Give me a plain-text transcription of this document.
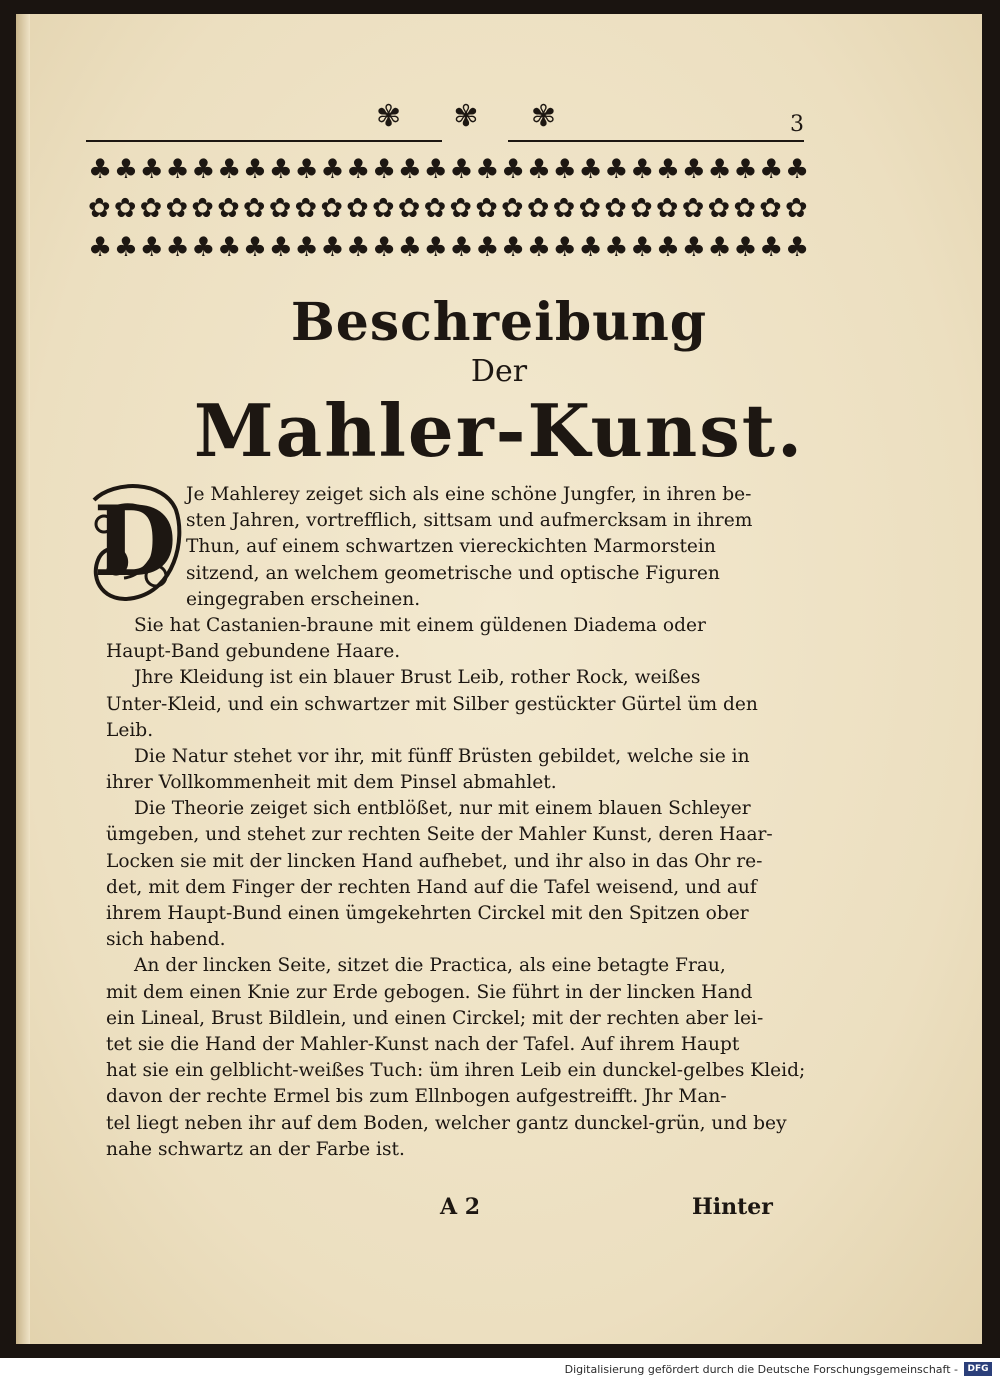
✾ ✾ ✾	3
♣ ♣ ♣ ♣ ♣ ♣ ♣ ♣ ♣ ♣ ♣ ♣ ♣ ♣ ♣ ♣ ♣ ♣ ♣ ♣ ♣ ♣ ♣ ♣ ♣ ♣ ♣ ♣
✿ ✿ ✿ ✿ ✿ ✿ ✿ ✿ ✿ ✿ ✿ ✿ ✿ ✿ ✿ ✿ ✿ ✿ ✿ ✿ ✿ ✿ ✿ ✿ ✿ ✿ ✿ ✿
♣ ♣ ♣ ♣ ♣ ♣ ♣ ♣ ♣ ♣ ♣ ♣ ♣ ♣ ♣ ♣ ♣ ♣ ♣ ♣ ♣ ♣ ♣ ♣ ♣ ♣ ♣ ♣
Beschreibung
Der
Mahler-Kunst.
D Je Mahlerey zeiget sich als eine schöne Jungfer, in ihren be-
sten Jahren, vortrefflich, sittsam und aufmercksam in ihrem
Thun, auf einem schwartzen viereckichten Marmorstein
sitzend, an welchem geometrische und optische Figuren
eingegraben erscheinen.
Sie hat Castanien-braune mit einem güldenen Diadema oder
Haupt-Band gebundene Haare.
Jhre Kleidung ist ein blauer Brust Leib, rother Rock, weißes
Unter-Kleid, und ein schwartzer mit Silber gestückter Gürtel üm den
Leib.
Die Natur stehet vor ihr, mit fünff Brüsten gebildet, welche sie in
ihrer Vollkommenheit mit dem Pinsel abmahlet.
Die Theorie zeiget sich entblößet, nur mit einem blauen Schleyer
ümgeben, und stehet zur rechten Seite der Mahler Kunst, deren Haar-
Locken sie mit der lincken Hand aufhebet, und ihr also in das Ohr re-
det, mit dem Finger der rechten Hand auf die Tafel weisend, und auf
ihrem Haupt-Bund einen ümgekehrten Circkel mit den Spitzen ober
sich habend.
An der lincken Seite, sitzet die Practica, als eine betagte Frau,
mit dem einen Knie zur Erde gebogen. Sie führt in der lincken Hand
ein Lineal, Brust Bildlein, und einen Circkel; mit der rechten aber lei-
tet sie die Hand der Mahler-Kunst nach der Tafel. Auf ihrem Haupt
hat sie ein gelblicht-weißes Tuch: üm ihren Leib ein dunckel-gelbes Kleid;
davon der rechte Ermel bis zum Ellnbogen aufgestreifft. Jhr Man-
tel liegt neben ihr auf dem Boden, welcher gantz dunckel-grün, und bey
nahe schwartz an der Farbe ist.
A 2	Hinter
Digitalisierung gefördert durch die Deutsche Forschungsgemeinschaft -	DFG
